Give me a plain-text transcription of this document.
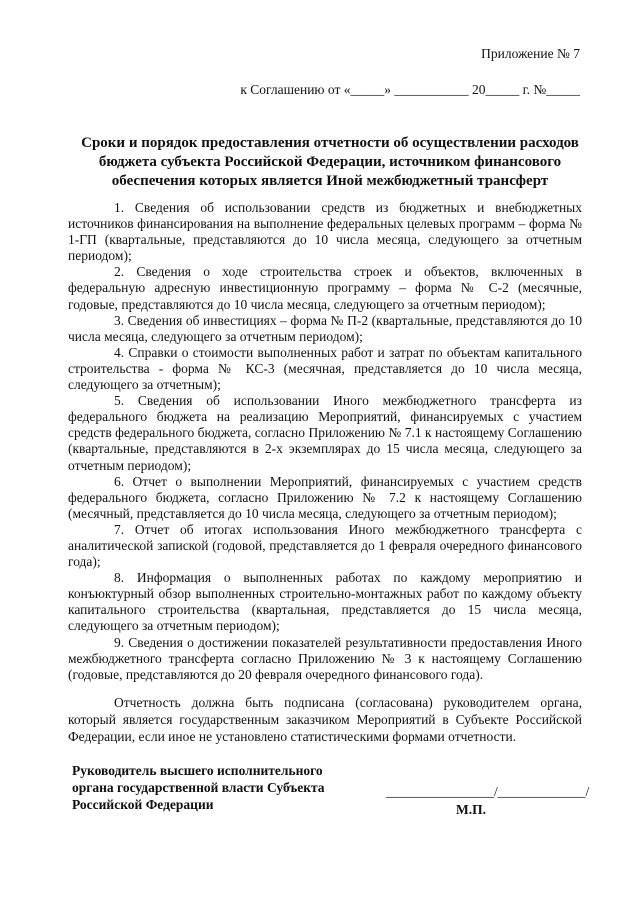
Приложение № 7
к Соглашению от «_____» ___________ 20_____ г. №_____
Сроки и порядок предоставления отчетности об осуществлении расходов
бюджета субъекта Российской Федерации, источником финансового
обеспечения которых является Иной межбюджетный трансферт

1. Сведения об использовании средств из бюджетных и внебюджетных источников финансирования на выполнение федеральных целевых программ – форма № 1-ГП (квартальные, представляются до 10 числа месяца, следующего за отчетным периодом);

2. Сведения о ходе строительства строек и объектов, включенных в федеральную адресную инвестиционную программу – форма № С-2 (месячные, годовые, представляются до 10 числа месяца, следующего за отчетным периодом);

3. Сведения об инвестициях – форма № П-2 (квартальные, представляются до 10 числа месяца, следующего за отчетным периодом);

4. Справки о стоимости выполненных работ и затрат по объектам капитального строительства - форма № КС-3 (месячная, представляется до 10 числа месяца, следующего за отчетным);

5. Сведения об использовании Иного межбюджетного трансферта из федерального бюджета на реализацию Мероприятий, финансируемых с участием средств федерального бюджета, согласно Приложению № 7.1 к настоящему Соглашению (квартальные, представляются в 2-х экземплярах до 15 числа месяца, следующего за отчетным периодом);

6. Отчет о выполнении Мероприятий, финансируемых с участием средств федерального бюджета, согласно Приложению № 7.2 к настоящему Соглашению (месячный, представляется до 10 числа месяца, следующего за отчетным периодом);

7. Отчет об итогах использования Иного межбюджетного трансферта с аналитической запиской (годовой, представляется до 1 февраля очередного финансового года);

8. Информация о выполненных работах по каждому мероприятию и конъюктурный обзор выполненных строительно-монтажных работ по каждому объекту капитального строительства (квартальная, представляется до 15 числа месяца, следующего за отчетным периодом);

9. Сведения о достижении показателей результативности предоставления Иного межбюджетного трансферта согласно Приложению № 3 к настоящему Соглашению (годовые, представляются до 20 февраля очередного финансового года).

Отчетность должна быть подписана (согласована) руководителем органа, который является государственным заказчиком Мероприятий в Субъекте Российской Федерации, если иное не установлено статистическими формами отчетности.

Руководитель высшего исполнительного
органа государственной власти Субъекта
Российской Федерации
________________/_____________/
М.П.
